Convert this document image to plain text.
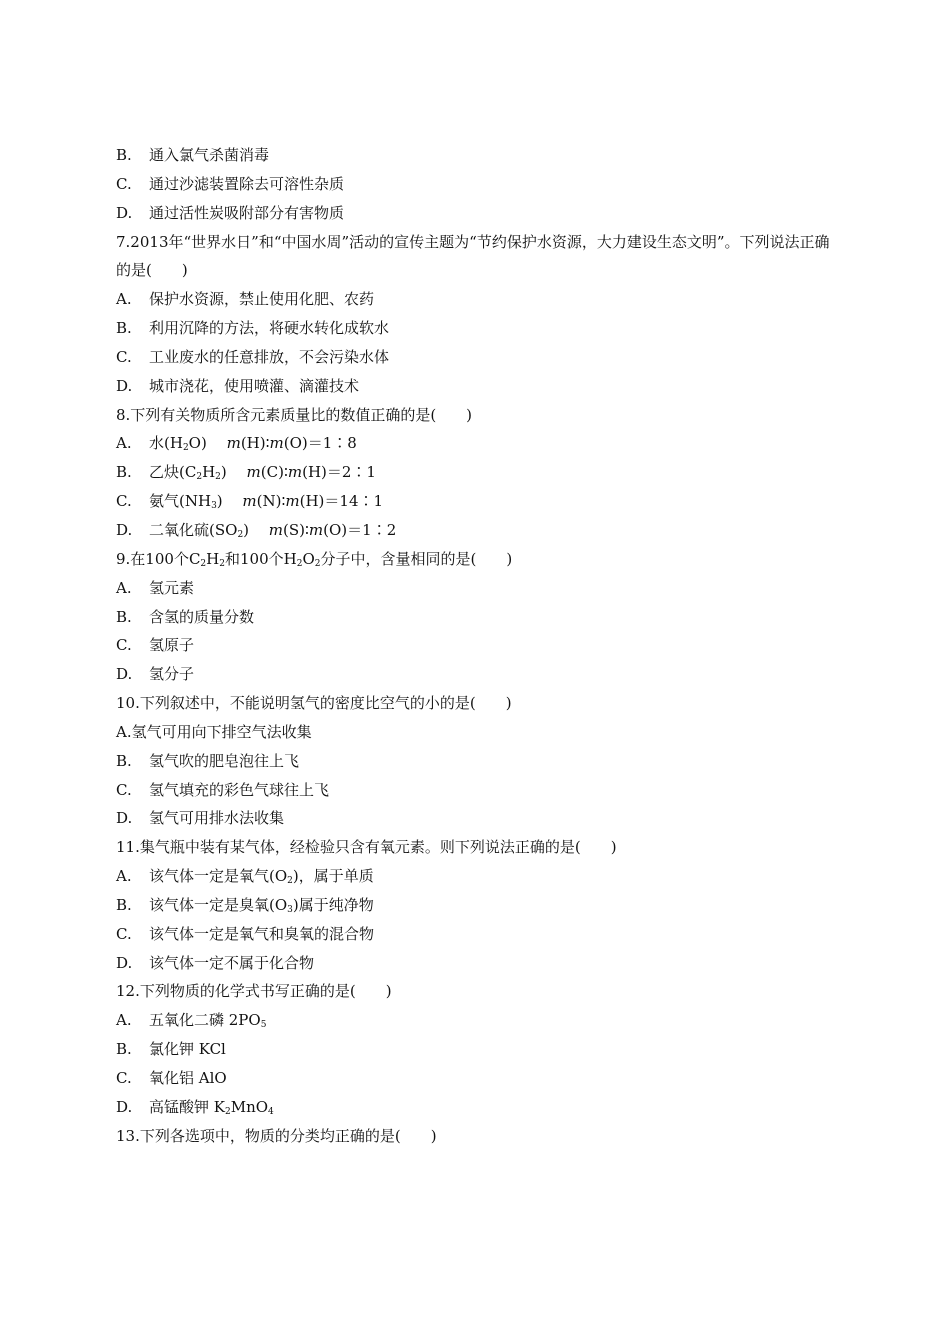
B. 通入氯气杀菌消毒
C. 通过沙滤装置除去可溶性杂质
D. 通过活性炭吸附部分有害物质
7.2013年“世界水日”和“中国水周”活动的宣传主题为“节约保护水资源，大力建设生态文明”。下列说法正确的是(　　)
A. 保护水资源，禁止使用化肥、农药
B. 利用沉降的方法，将硬水转化成软水
C. 工业废水的任意排放，不会污染水体
D. 城市浇花，使用喷灌、滴灌技术
8.下列有关物质所含元素质量比的数值正确的是(　　)
A. 水$(H_2O)$　 m(H)∶m(O)＝1∶8
B. 乙炔$(C_2H_2)$　 m(C)∶m(H)＝2∶1
C. 氨气$(NH_3)$　 m(N)∶m(H)＝14∶1
D. 二氧化硫$(SO_2)$　 m(S)∶m(O)＝1∶2
9.在100个$C_2H_2$和100个$H_2O_2$分子中，含量相同的是(　　)
A. 氢元素
B. 含氢的质量分数
C. 氢原子
D. 氢分子
10.下列叙述中，不能说明氢气的密度比空气的小的是(　　)
A.氢气可用向下排空气法收集
B. 氢气吹的肥皂泡往上飞
C. 氢气填充的彩色气球往上飞
D. 氢气可用排水法收集
11.集气瓶中装有某气体，经检验只含有氧元素。则下列说法正确的是(　　)
A. 该气体一定是氧气$(O_2)$，属于单质
B. 该气体一定是臭氧$(O_3)$属于纯净物
C. 该气体一定是氧气和臭氧的混合物
D. 该气体一定不属于化合物
12.下列物质的化学式书写正确的是(　　)
A. 五氧化二磷 $2PO_5$
B. 氯化钾 KCl
C. 氧化铝 AlO
D. 高锰酸钾 $K_2MnO_4$
13.下列各选项中，物质的分类均正确的是(　　)
